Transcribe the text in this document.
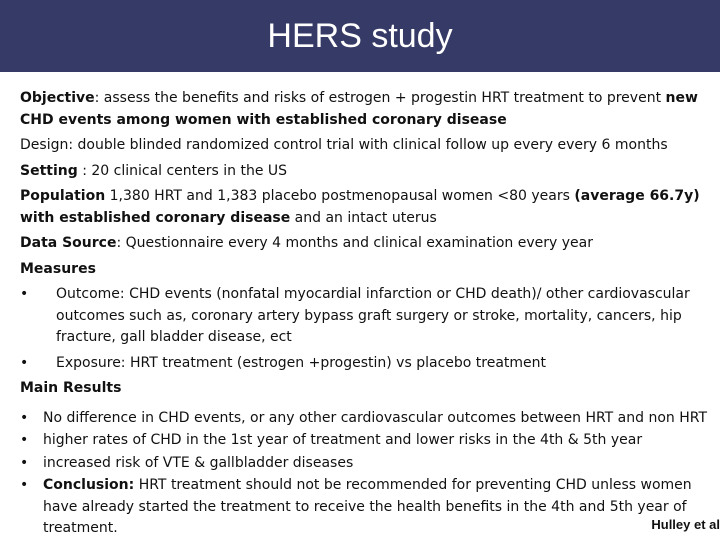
HERS study

Objective: assess the benefits and risks of estrogen + progestin HRT treatment to prevent new CHD events among women with established coronary disease

Design: double blinded randomized control trial with clinical follow up every every 6 months

Setting : 20 clinical centers in the US

Population 1,380 HRT and 1,383 placebo postmenopausal women <80 years (average 66.7y) with established coronary disease and an intact uterus

Data Source: Questionnaire every 4 months and clinical examination every year

Measures

•	Outcome: CHD events (nonfatal myocardial infarction or CHD death)/ other cardiovascular outcomes such as, coronary artery bypass graft surgery or stroke, mortality, cancers, hip fracture, gall bladder disease, ect
•	Exposure: HRT treatment (estrogen +progestin) vs placebo treatment

Main Results

•	No difference in CHD events, or any other cardiovascular outcomes between HRT and non HRT
•	higher rates of CHD in the 1st year of treatment and lower risks in the 4th & 5th year
•	increased risk of VTE & gallbladder diseases
•	Conclusion: HRT treatment should not be recommended for preventing CHD unless women have already started the treatment to receive the health benefits in the 4th and 5th year of treatment.	Hulley et al
